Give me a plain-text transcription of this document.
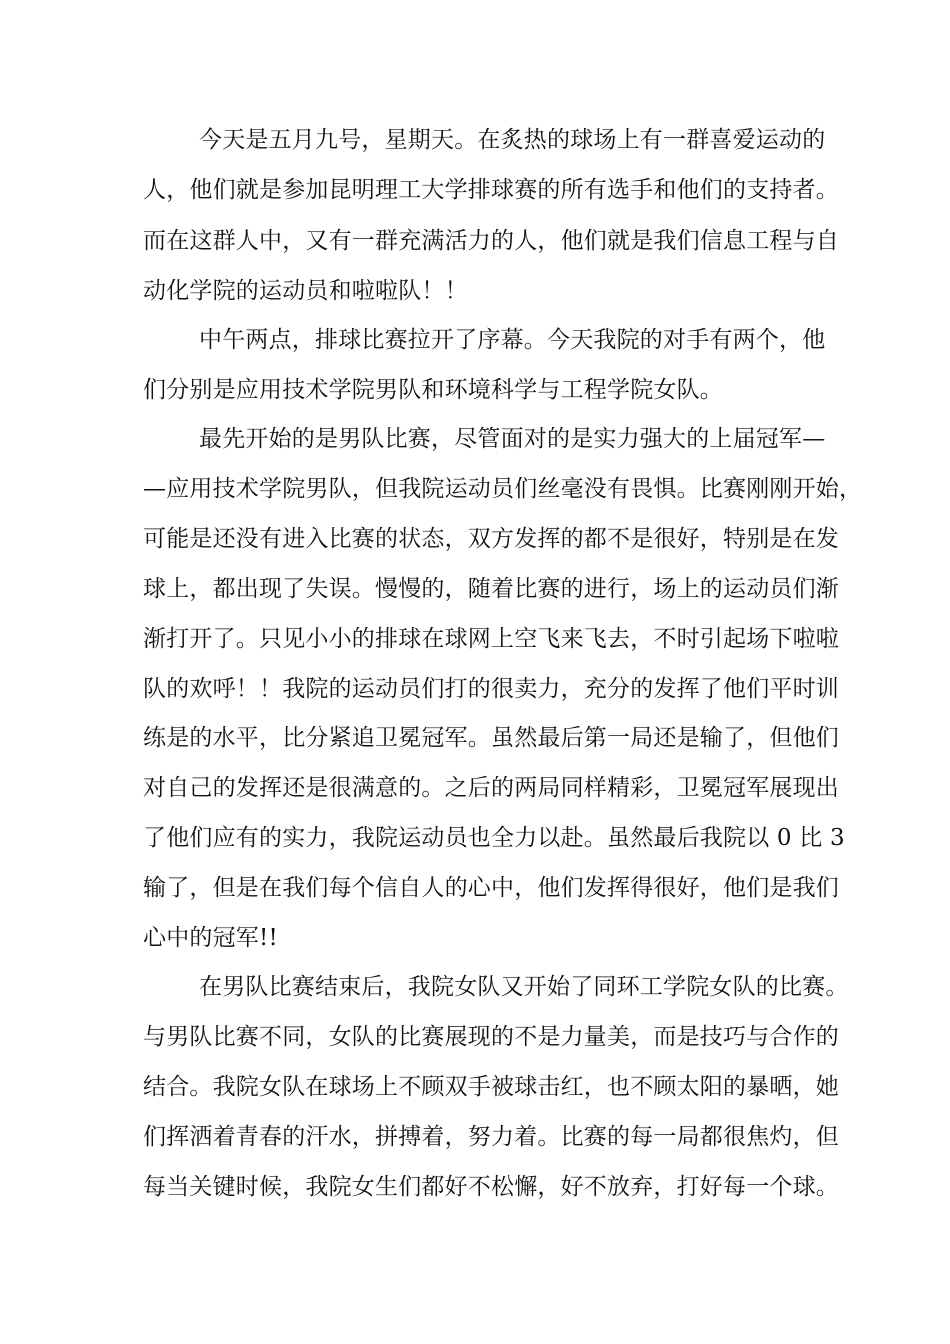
今天是五月九号，星期天。在炙热的球场上有一群喜爱运动的

人，他们就是参加昆明理工大学排球赛的所有选手和他们的支持者。

而在这群人中，又有一群充满活力的人，他们就是我们信息工程与自

动化学院的运动员和啦啦队！！

中午两点，排球比赛拉开了序幕。今天我院的对手有两个，他

们分别是应用技术学院男队和环境科学与工程学院女队。

最先开始的是男队比赛，尽管面对的是实力强大的上届冠军—

—应用技术学院男队，但我院运动员们丝毫没有畏惧。比赛刚刚开始，

可能是还没有进入比赛的状态，双方发挥的都不是很好，特别是在发

球上，都出现了失误。慢慢的，随着比赛的进行，场上的运动员们渐

渐打开了。只见小小的排球在球网上空飞来飞去，不时引起场下啦啦

队的欢呼！！我院的运动员们打的很卖力，充分的发挥了他们平时训

练是的水平，比分紧追卫冕冠军。虽然最后第一局还是输了，但他们

对自己的发挥还是很满意的。之后的两局同样精彩，卫冕冠军展现出

了他们应有的实力，我院运动员也全力以赴。虽然最后我院以 0 比 3

输了，但是在我们每个信自人的心中，他们发挥得很好，他们是我们

心中的冠军!!

在男队比赛结束后，我院女队又开始了同环工学院女队的比赛。

与男队比赛不同，女队的比赛展现的不是力量美，而是技巧与合作的

结合。我院女队在球场上不顾双手被球击红，也不顾太阳的暴晒，她

们挥洒着青春的汗水，拼搏着，努力着。比赛的每一局都很焦灼，但

每当关键时候，我院女生们都好不松懈，好不放弃，打好每一个球。
